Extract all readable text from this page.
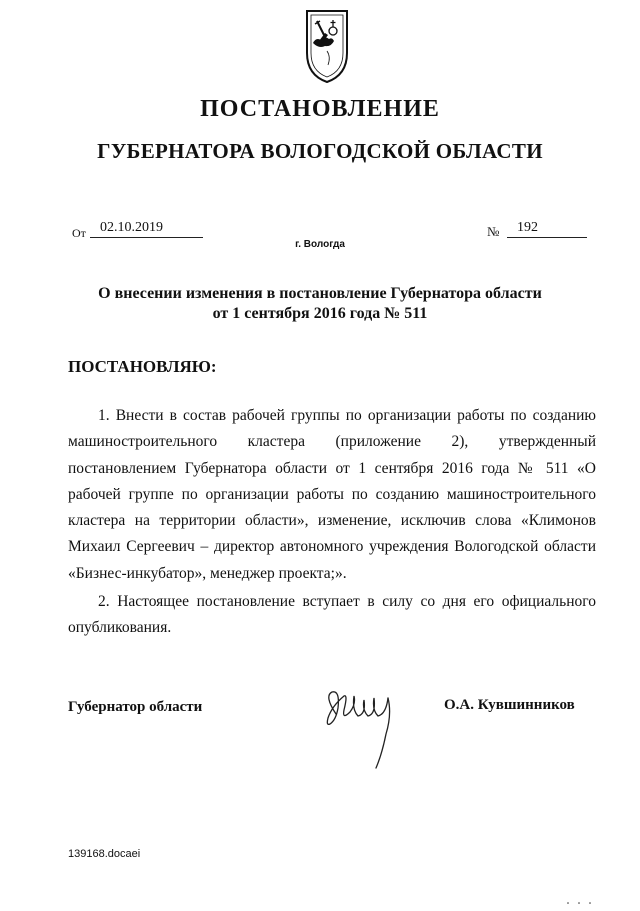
ПОСТАНОВЛЕНИЕ
ГУБЕРНАТОРА ВОЛОГОДСКОЙ ОБЛАСТИ
От	02.10.2019	№	192
г. Вологда
О внесении изменения в постановление Губернатора области
от 1 сентября 2016 года № 511
ПОСТАНОВЛЯЮ:
1. Внести в состав рабочей группы по организации работы по созданию машиностроительного кластера (приложение 2), утвержденный постановлением Губернатора области от 1 сентября 2016 года № 511 «О рабочей группе по организации работы по созданию машиностроительного кластера на территории области», изменение, исключив слова «Климонов Михаил Сергеевич – директор автономного учреждения Вологодской области «Бизнес-инкубатор», менеджер проекта;».
2. Настоящее постановление вступает в силу со дня его официального опубликования.
Губернатор области	О.А. Кувшинников
139168.docaei
